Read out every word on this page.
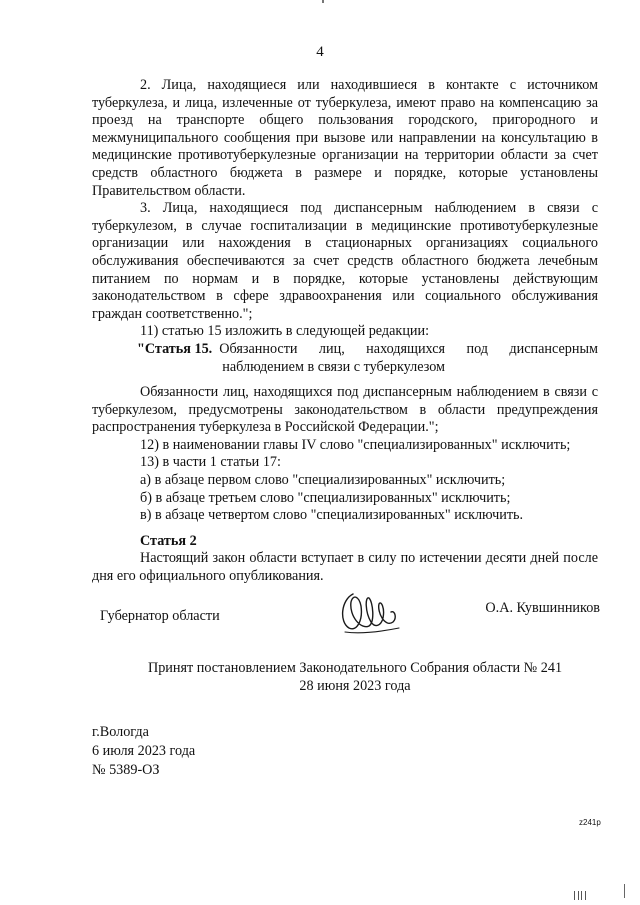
4

2. Лица, находящиеся или находившиеся в контакте с источником туберкулеза, и лица, излеченные от туберкулеза, имеют право на компенсацию за проезд на транспорте общего пользования городского, пригородного и межмуниципального сообщения при вызове или направлении на консультацию в медицинские противотуберкулезные организации на территории области за счет средств областного бюджета в размере и порядке, которые установлены Правительством области.

3. Лица, находящиеся под диспансерным наблюдением в связи с туберкулезом, в случае госпитализации в медицинские противотуберкулезные организации или нахождения в стационарных организациях социального обслуживания обеспечиваются за счет средств областного бюджета лечебным питанием по нормам и в порядке, которые установлены действующим законодательством в сфере здравоохранения или социального обслуживания граждан соответственно.";

11) статью 15 изложить в следующей редакции:

"Статья 15. Обязанности лиц, находящихся под диспансерным наблюдением в связи с туберкулезом

Обязанности лиц, находящихся под диспансерным наблюдением в связи с туберкулезом, предусмотрены законодательством в области предупреждения распространения туберкулеза в Российской Федерации.";

12) в наименовании главы IV слово "специализированных" исключить;

13) в части 1 статьи 17:

а) в абзаце первом слово "специализированных" исключить;

б) в абзаце третьем слово "специализированных" исключить;

в) в абзаце четвертом слово "специализированных" исключить.

Статья 2

Настоящий закон области вступает в силу по истечении десяти дней после дня его официального опубликования.

Губернатор области	О.А. Кувшинников
Принят постановлением Законодательного Собрания области № 241
28 июня 2023 года
г.Вологда
6 июля 2023 года
№ 5389-ОЗ
z241p
